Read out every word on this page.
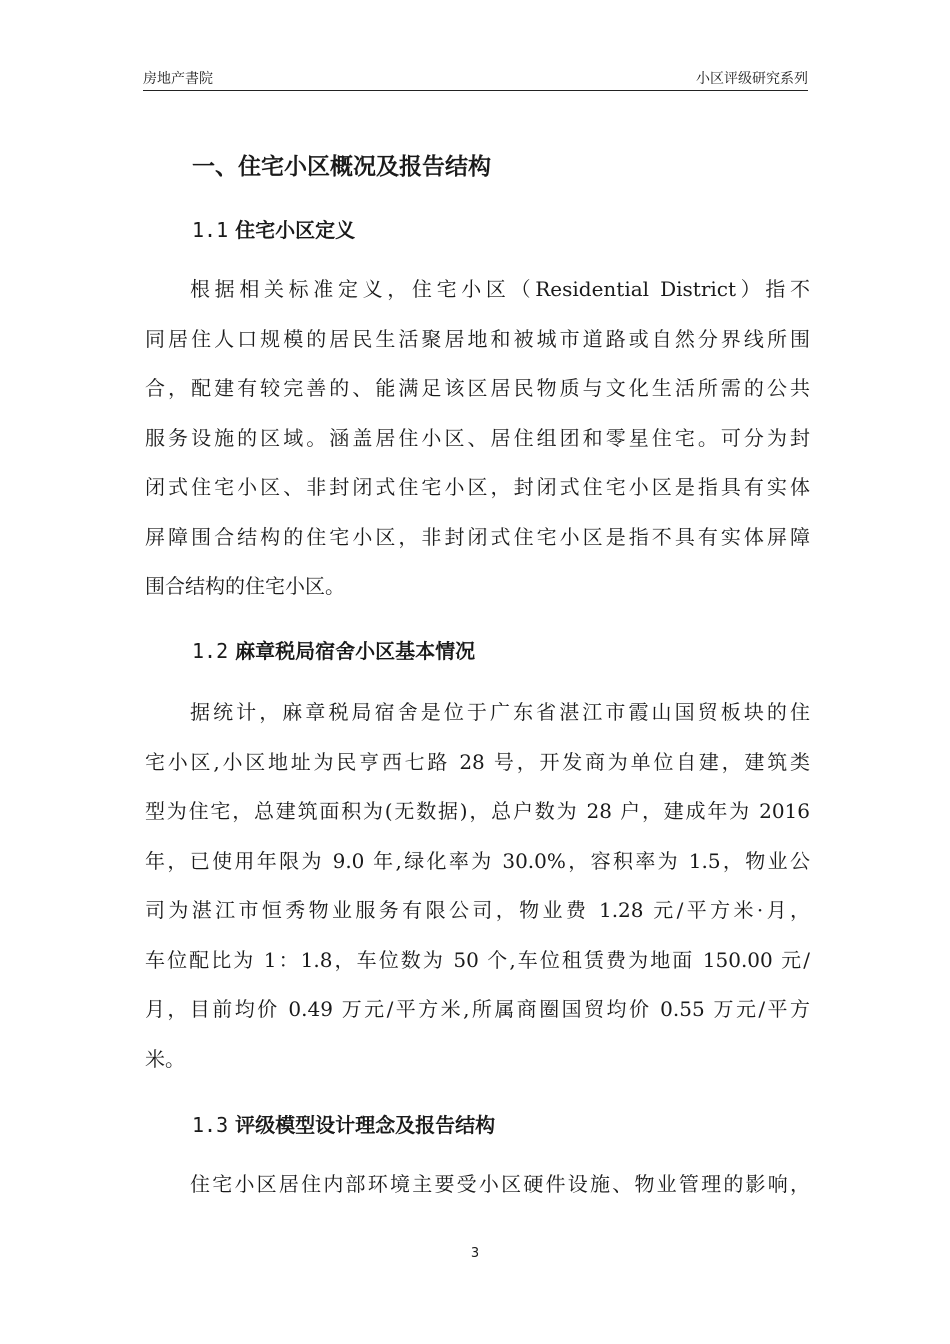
房地产書院	小区评级研究系列
一、住宅小区概况及报告结构
1.1 住宅小区定义
根据相关标准定义，住宅小区（Residential District）指不
同居住人口规模的居民生活聚居地和被城市道路或自然分界线所围
合，配建有较完善的、能满足该区居民物质与文化生活所需的公共
服务设施的区域。涵盖居住小区、居住组团和零星住宅。可分为封
闭式住宅小区、非封闭式住宅小区，封闭式住宅小区是指具有实体
屏障围合结构的住宅小区，非封闭式住宅小区是指不具有实体屏障
围合结构的住宅小区。
1.2 麻章税局宿舍小区基本情况
据统计，麻章税局宿舍是位于广东省湛江市霞山国贸板块的住
宅小区,小区地址为民亨西七路 28 号，开发商为单位自建，建筑类
型为住宅，总建筑面积为(无数据)，总户数为 28 户，建成年为 2016
年，已使用年限为 9.0 年,绿化率为 30.0%，容积率为 1.5，物业公
司为湛江市恒秀物业服务有限公司，物业费 1.28 元/平方米·月，
车位配比为 1：1.8，车位数为 50 个,车位租赁费为地面 150.00 元/
月，目前均价 0.49 万元/平方米,所属商圈国贸均价 0.55 万元/平方
米。
1.3 评级模型设计理念及报告结构
住宅小区居住内部环境主要受小区硬件设施、物业管理的影响，
3
